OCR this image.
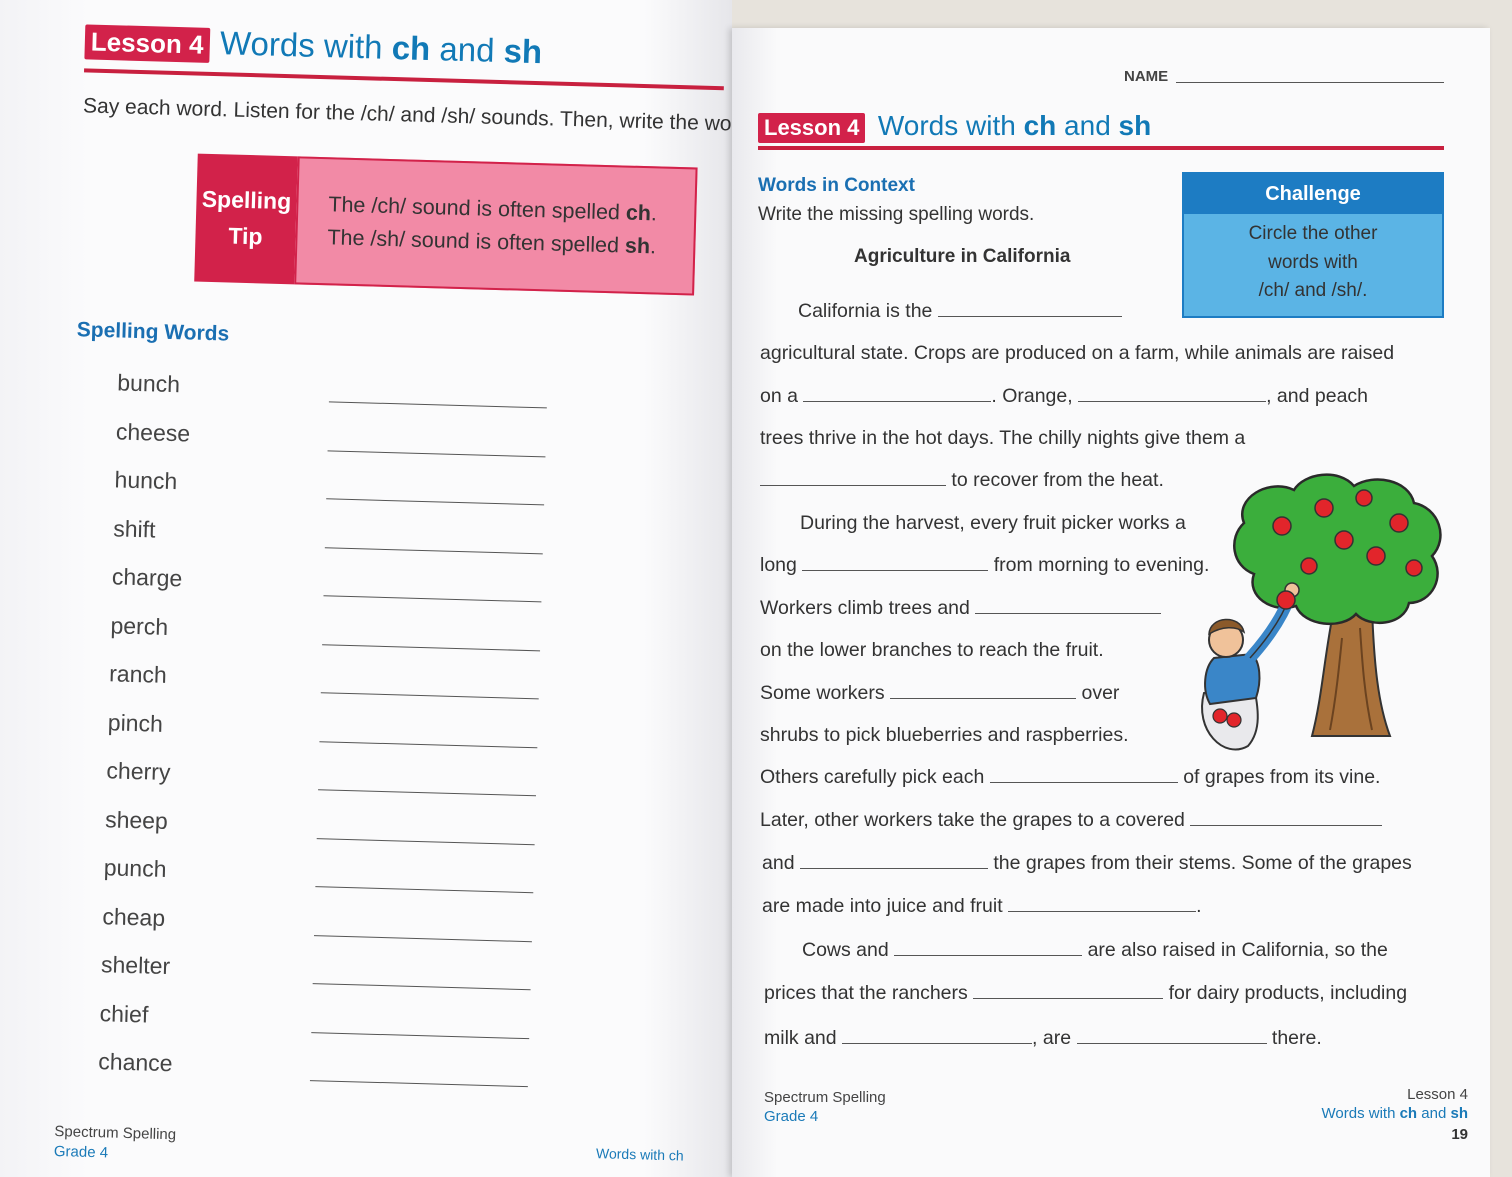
Lesson 4 Words with ch and sh
Say each word. Listen for the /ch/ and /sh/ sounds. Then, write the wo
Spelling
Tip
The /ch/ sound is often spelled ch.
The /sh/ sound is often spelled sh.
Spelling Words
bunch
cheese
hunch
shift
charge
perch
ranch
pinch
cherry
sheep
punch
cheap
shelter
chief
chance
Spectrum Spelling
Grade 4	Words with ch
NAME
Lesson 4 Words with ch and sh
Words in Context
Write the missing spelling words.
Agriculture in California
Challenge
Circle the other
words with
/ch/ and /sh/.
California is the
agricultural state. Crops are produced on a farm, while animals are raised
on a	. Orange,	, and peach
trees thrive in the hot days. The chilly nights give them a
to recover from the heat.
During the harvest, every fruit picker works a
long	from morning to evening.
Workers climb trees and
on the lower branches to reach the fruit.
Some workers	over
shrubs to pick blueberries and raspberries.
Others carefully pick each	of grapes from its vine.
Later, other workers take the grapes to a covered
and	the grapes from their stems. Some of the grapes
are made into juice and fruit	.
Cows and	are also raised in California, so the
prices that the ranchers	for dairy products, including
milk and	, are	there.
Spectrum Spelling
Grade 4
Lesson 4
Words with ch and sh
19
